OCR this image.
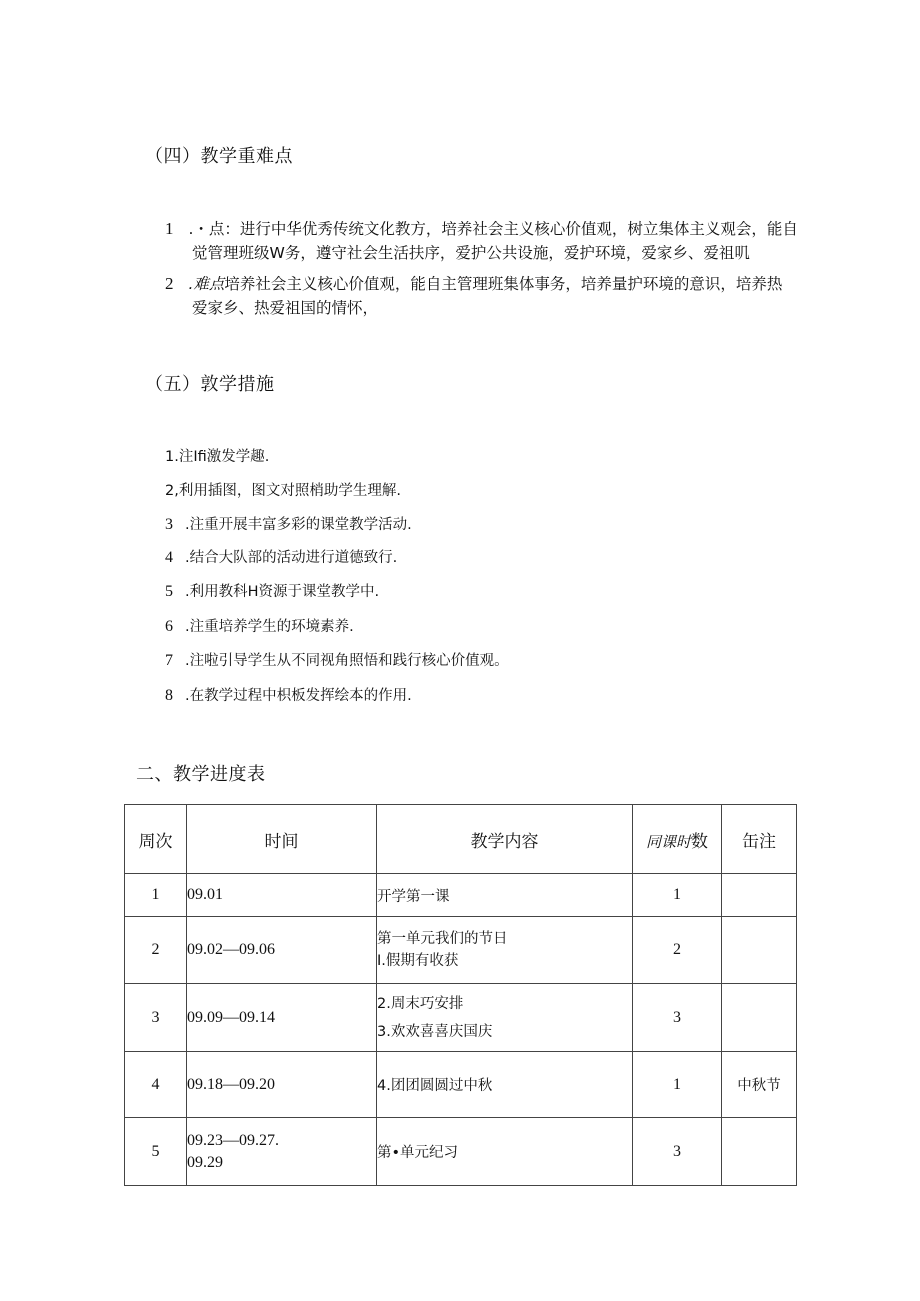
（四）教学重难点
1 .・点：进行中华优秀传统文化教方，培养社会主义核心价值观，树立集体主义观会，能自
觉管理班级W务，遵守社会生活扶序，爱护公共设施，爱护环境，爱家乡、爱祖叽
2 .难点培养社会主义核心价值观，能自主管理班集体事务，培养量护环境的意识，培养热
爱家乡、热爱祖国的情怀，
（五）敦学措施
1.注Ifi激发学趣.
2,利用插图，图文对照梢助学生理解.
3 .注重开展丰富多彩的课堂教学活动.
4 .结合大队部的活动进行道德致行.
5 .利用教科H资源于课堂教学中.
6 .注重培养学生的环境素养.
7 .注啦引导学生从不同视角照悟和践行核心价值观。
8 .在教学过程中枳板发挥绘本的作用.
二、教学进度表
周次	时间	教学内容	同课时数	缶注
1	09.01	开学第一课	1	
2	09.02—09.06	第一单元我们的节日
I.假期有收获	2	
3	09.09—09.14	2.周末巧安排
3.欢欢喜喜庆国庆	3	
4	09.18—09.20	4.团团圆圆过中秋	1	中秋节
5	09.23—09.27.
09.29	第•单元纪习	3	
